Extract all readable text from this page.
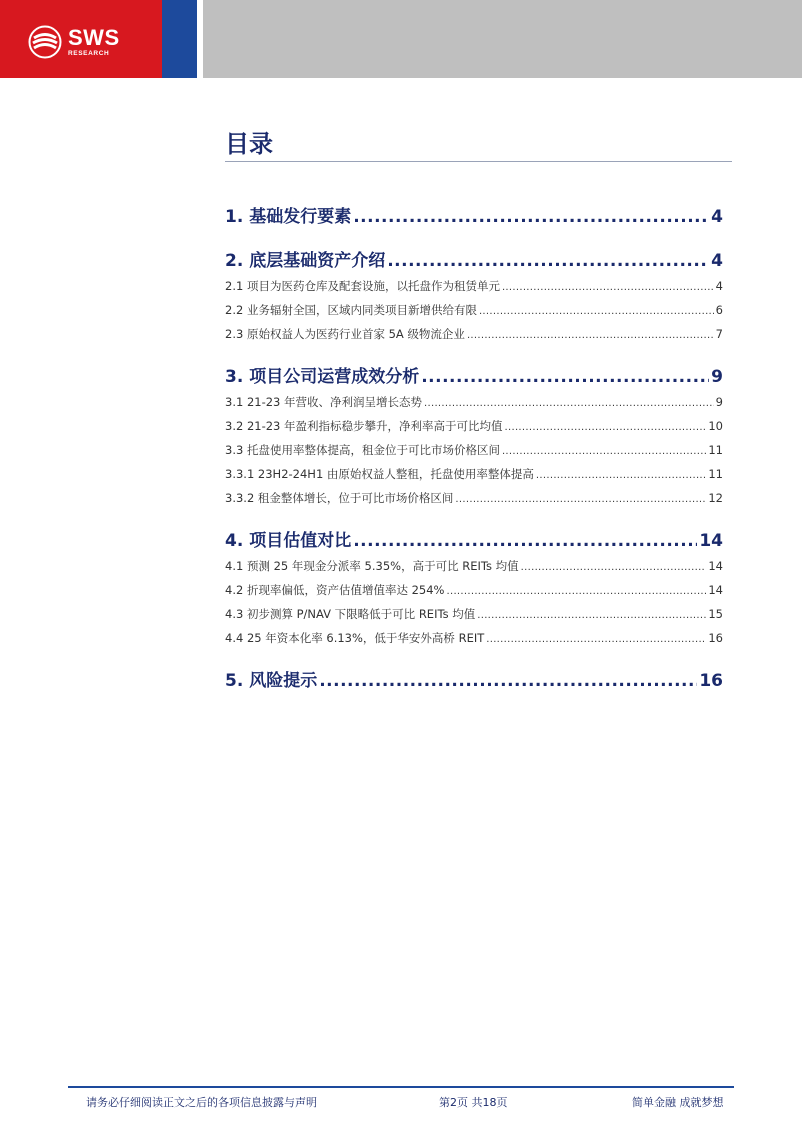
SWS
RESEARCH
目录
1. 基础发行要素 .....	4
2. 底层基础资产介绍 .....	4
2.1 项目为医药仓库及配套设施，以托盘作为租赁单元 .....	4
2.2 业务辐射全国，区域内同类项目新增供给有限 .....	6
2.3 原始权益人为医药行业首家 5A 级物流企业 .....	7
3. 项目公司运营成效分析 .....	9
3.1 21-23 年营收、净利润呈增长态势 .....	9
3.2 21-23 年盈利指标稳步攀升，净利率高于可比均值 .....	10
3.3 托盘使用率整体提高，租金位于可比市场价格区间 .....	11
3.3.1 23H2-24H1 由原始权益人整租，托盘使用率整体提高 .....	11
3.3.2 租金整体增长，位于可比市场价格区间 .....	12
4. 项目估值对比 .....	14
4.1 预测 25 年现金分派率 5.35%，高于可比 REITs 均值 .....	14
4.2 折现率偏低，资产估值增值率达 254% .....	14
4.3 初步测算 P/NAV 下限略低于可比 REITs 均值 .....	15
4.4 25 年资本化率 6.13%，低于华安外高桥 REIT .....	16
5. 风险提示 .....	16
请务必仔细阅读正文之后的各项信息披露与声明	第2页 共18页	简单金融 成就梦想
